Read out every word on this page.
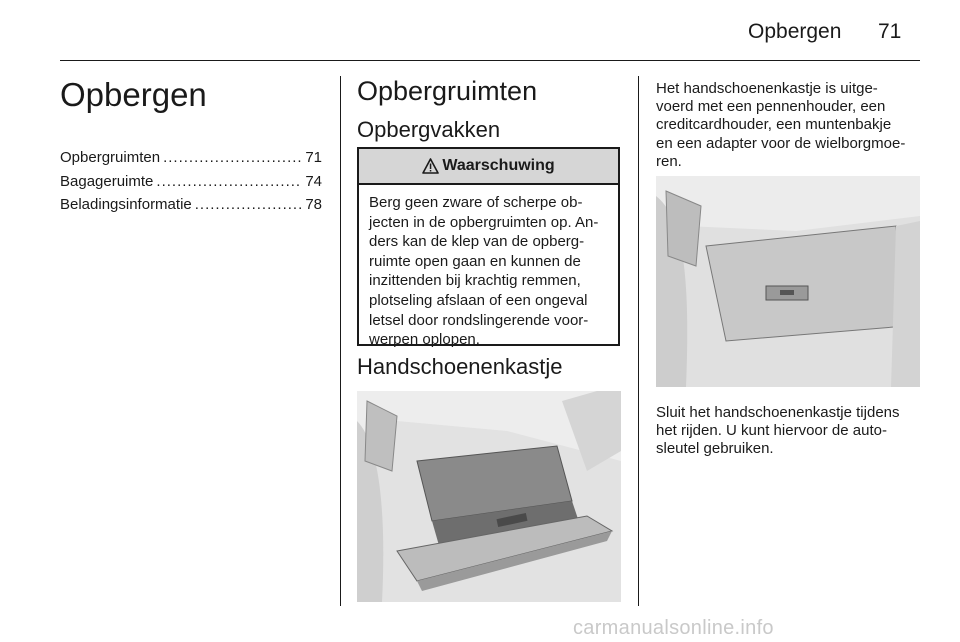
Opbergen 71
Opbergen
Opbergruimten .....	71
Bagageruimte .....	74
Beladingsinformatie .....	78
Opbergruimten
Opbergvakken
Waarschuwing
Berg geen zware of scherpe ob-
jecten in de opbergruimten op. An-
ders kan de klep van de opberg-
ruimte open gaan en kunnen de
inzittenden bij krachtig remmen,
plotseling afslaan of een ongeval
letsel door rondslingerende voor-
werpen oplopen.
Handschoenenkastje
Het handschoenenkastje is uitge-
voerd met een pennenhouder, een
creditcardhouder, een muntenbakje
en een adapter voor de wielborgmoe-
ren.
Sluit het handschoenenkastje tijdens
het rijden. U kunt hiervoor de auto-
sleutel gebruiken.
carmanualsonline.info
